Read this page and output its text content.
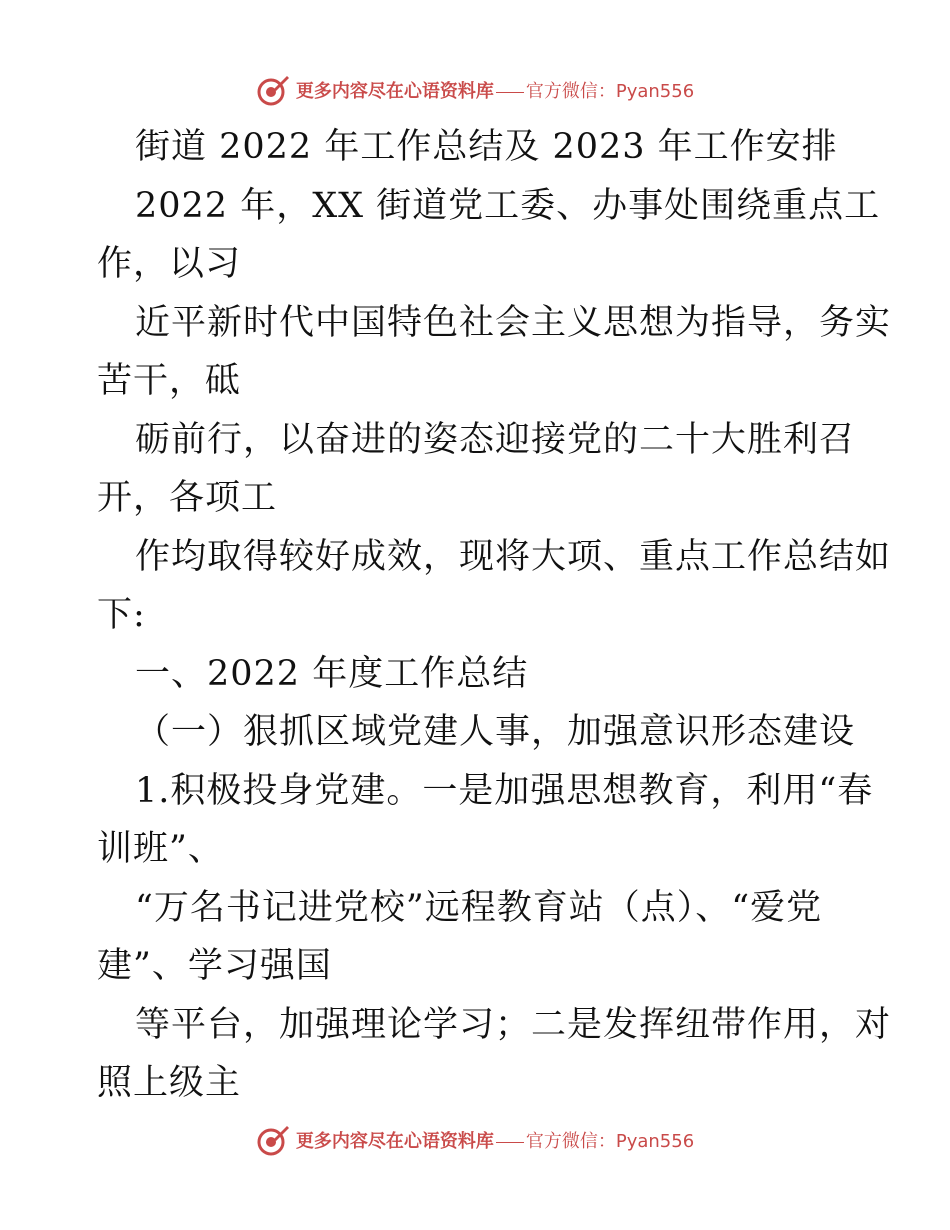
更多内容尽在心语资料库 官方微信：Pyan556
街道 2022 年工作总结及 2023 年工作安排
2022 年，XX 街道党工委、办事处围绕重点工
作，以习
近平新时代中国特色社会主义思想为指导，务实
苦干，砥
砺前行，以奋进的姿态迎接党的二十大胜利召
开，各项工
作均取得较好成效，现将大项、重点工作总结如
下:
一、2022 年度工作总结
（一）狠抓区域党建人事，加强意识形态建设
1.积极投身党建。一是加强思想教育，利用“春
训班”、
“万名书记进党校”远程教育站（点）、“爱党
建”、学习强国
等平台，加强理论学习；二是发挥纽带作用，对
照上级主
更多内容尽在心语资料库 官方微信：Pyan556
